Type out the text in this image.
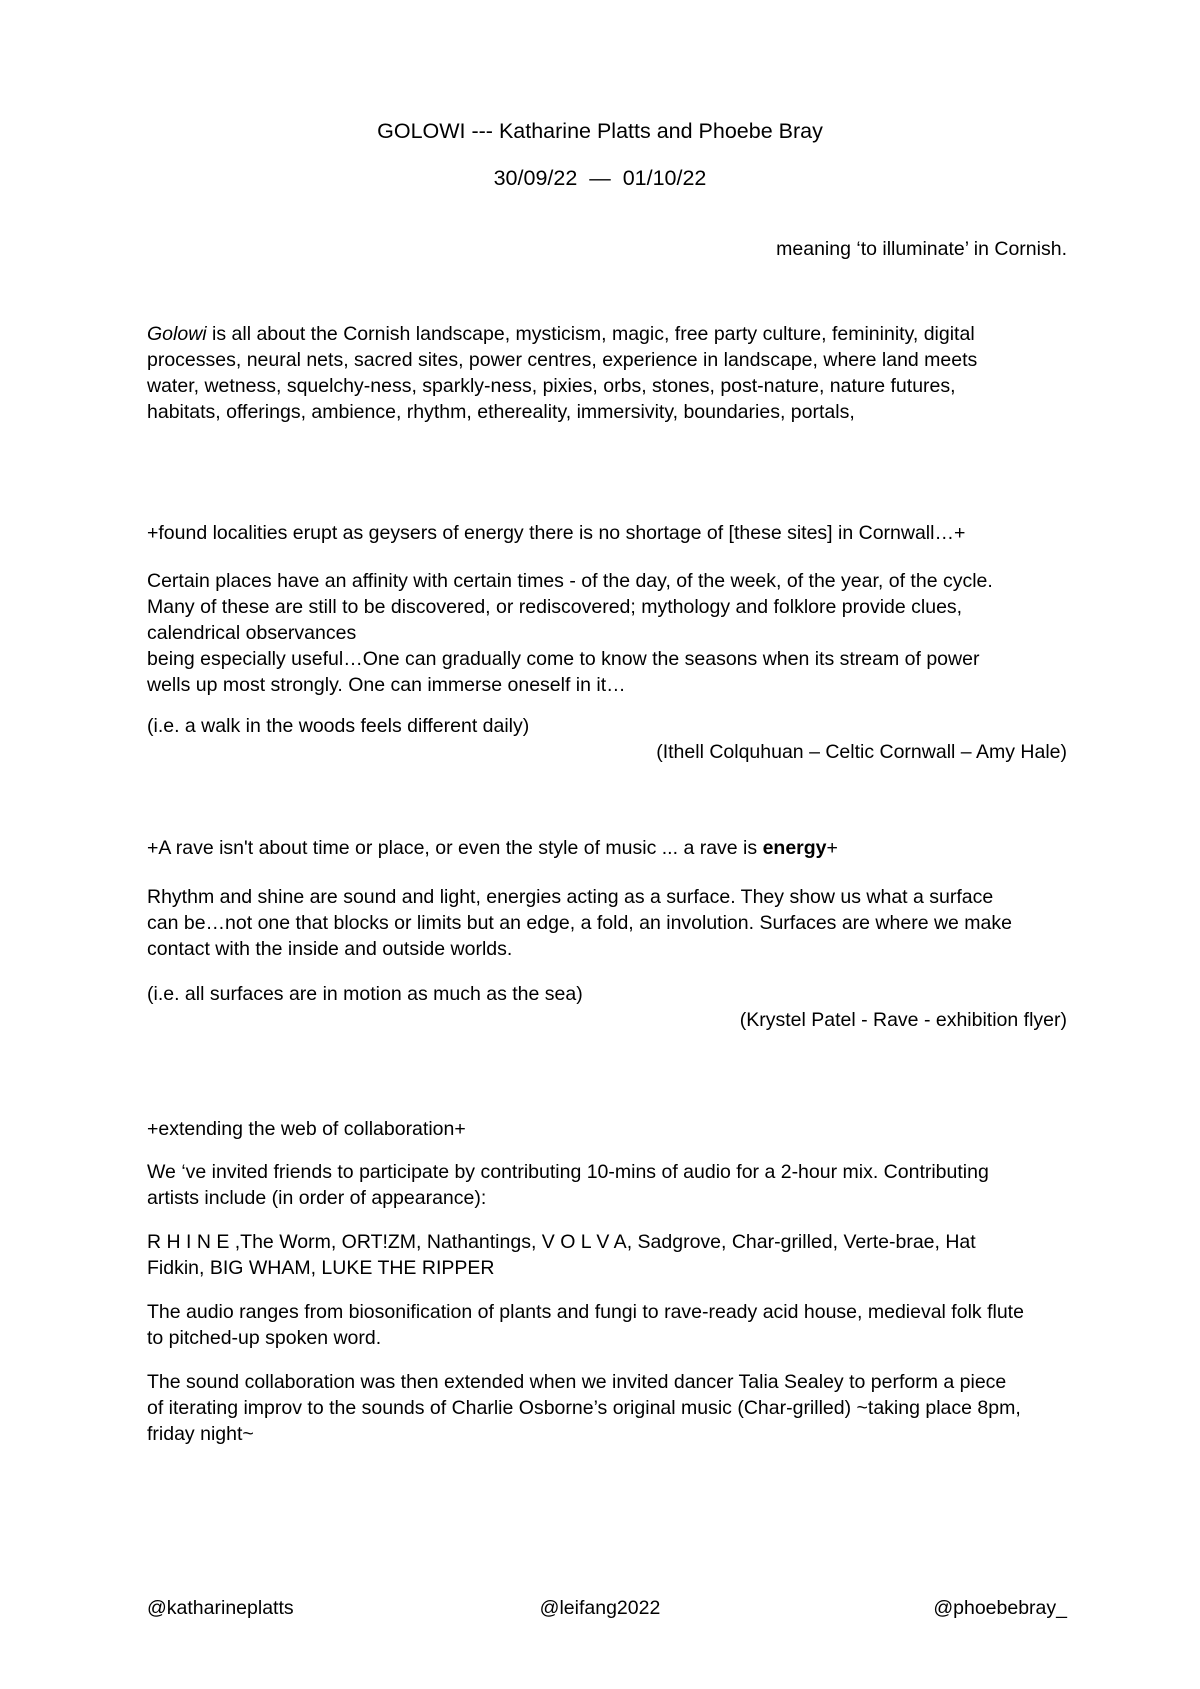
GOLOWI --- Katharine Platts and Phoebe Bray

30/09/22 — 01/10/22

meaning ‘to illuminate’ in Cornish.

Golowi is all about the Cornish landscape, mysticism, magic, free party culture, femininity, digital
processes, neural nets, sacred sites, power centres, experience in landscape, where land meets
water, wetness, squelchy-ness, sparkly-ness, pixies, orbs, stones, post-nature, nature futures,
habitats, offerings, ambience, rhythm, ethereality, immersivity, boundaries, portals,

+found localities erupt as geysers of energy there is no shortage of [these sites] in Cornwall…+

Certain places have an affinity with certain times - of the day, of the week, of the year, of the cycle.
Many of these are still to be discovered, or rediscovered; mythology and folklore provide clues,
calendrical observances
being especially useful…One can gradually come to know the seasons when its stream of power
wells up most strongly. One can immerse oneself in it…

(i.e. a walk in the woods feels different daily)

(Ithell Colquhuan – Celtic Cornwall – Amy Hale)

+A rave isn't about time or place, or even the style of music ... a rave is energy+

Rhythm and shine are sound and light, energies acting as a surface. They show us what a surface
can be…not one that blocks or limits but an edge, a fold, an involution. Surfaces are where we make
contact with the inside and outside worlds.

(i.e. all surfaces are in motion as much as the sea)

(Krystel Patel - Rave - exhibition flyer)

+extending the web of collaboration+

We ‘ve invited friends to participate by contributing 10-mins of audio for a 2-hour mix. Contributing
artists include (in order of appearance):
R H I N E ,The Worm, ORT!ZM, Nathantings, V O L V A, Sadgrove, Char-grilled, Verte-brae, Hat
Fidkin, BIG WHAM, LUKE THE RIPPER
The audio ranges from biosonification of plants and fungi to rave-ready acid house, medieval folk flute
to pitched-up spoken word.
The sound collaboration was then extended when we invited dancer Talia Sealey to perform a piece
of iterating improv to the sounds of Charlie Osborne’s original music (Char-grilled) ~taking place 8pm,
friday night~

@katharineplatts	@leifang2022	@phoebebray_
